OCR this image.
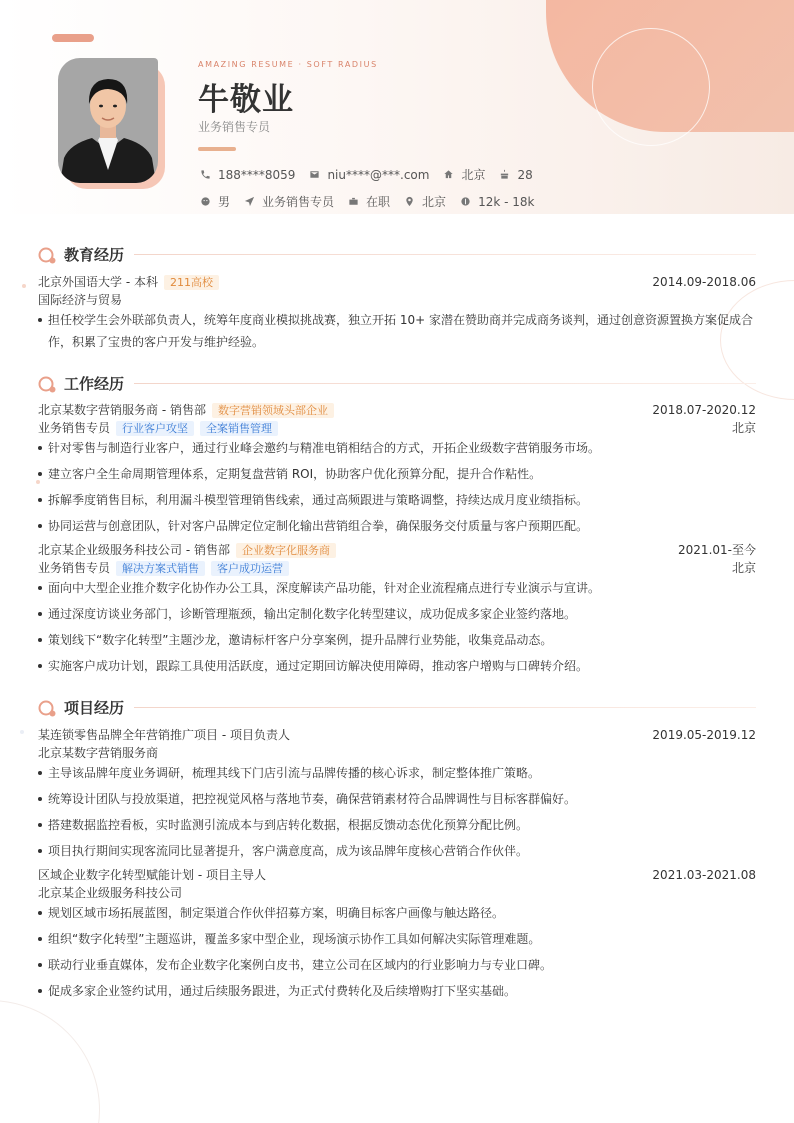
AMAZING RESUME · SOFT RADIUS
牛敬业
业务销售专员
188****8059	niu****@***.com	北京	28
男	业务销售专员	在职	北京	12k - 18k
教育经历
北京外国语大学 - 本科	211高校	2014.09-2018.06
国际经济与贸易
担任校学生会外联部负责人，统筹年度商业模拟挑战赛，独立开拓 10+ 家潜在赞助商并完成商务谈判，通过创意资源置换方案促成合
作，积累了宝贵的客户开发与维护经验。
工作经历
北京某数字营销服务商 - 销售部	数字营销领域头部企业	2018.07-2020.12
业务销售专员	行业客户攻坚	全案销售管理	北京
针对零售与制造行业客户，通过行业峰会邀约与精准电销相结合的方式，开拓企业级数字营销服务市场。
建立客户全生命周期管理体系，定期复盘营销 ROI，协助客户优化预算分配，提升合作粘性。
拆解季度销售目标，利用漏斗模型管理销售线索，通过高频跟进与策略调整，持续达成月度业绩指标。
协同运营与创意团队，针对客户品牌定位定制化输出营销组合拳，确保服务交付质量与客户预期匹配。
北京某企业级服务科技公司 - 销售部	企业数字化服务商	2021.01-至今
业务销售专员	解决方案式销售	客户成功运营	北京
面向中大型企业推介数字化协作办公工具，深度解读产品功能，针对企业流程痛点进行专业演示与宣讲。
通过深度访谈业务部门，诊断管理瓶颈，输出定制化数字化转型建议，成功促成多家企业签约落地。
策划线下“数字化转型”主题沙龙，邀请标杆客户分享案例，提升品牌行业势能，收集竞品动态。
实施客户成功计划，跟踪工具使用活跃度，通过定期回访解决使用障碍，推动客户增购与口碑转介绍。
项目经历
某连锁零售品牌全年营销推广项目 - 项目负责人	2019.05-2019.12
北京某数字营销服务商
主导该品牌年度业务调研，梳理其线下门店引流与品牌传播的核心诉求，制定整体推广策略。
统筹设计团队与投放渠道，把控视觉风格与落地节奏，确保营销素材符合品牌调性与目标客群偏好。
搭建数据监控看板，实时监测引流成本与到店转化数据，根据反馈动态优化预算分配比例。
项目执行期间实现客流同比显著提升，客户满意度高，成为该品牌年度核心营销合作伙伴。
区域企业数字化转型赋能计划 - 项目主导人	2021.03-2021.08
北京某企业级服务科技公司
规划区域市场拓展蓝图，制定渠道合作伙伴招募方案，明确目标客户画像与触达路径。
组织“数字化转型”主题巡讲，覆盖多家中型企业，现场演示协作工具如何解决实际管理难题。
联动行业垂直媒体，发布企业数字化案例白皮书，建立公司在区域内的行业影响力与专业口碑。
促成多家企业签约试用，通过后续服务跟进，为正式付费转化及后续增购打下坚实基础。
